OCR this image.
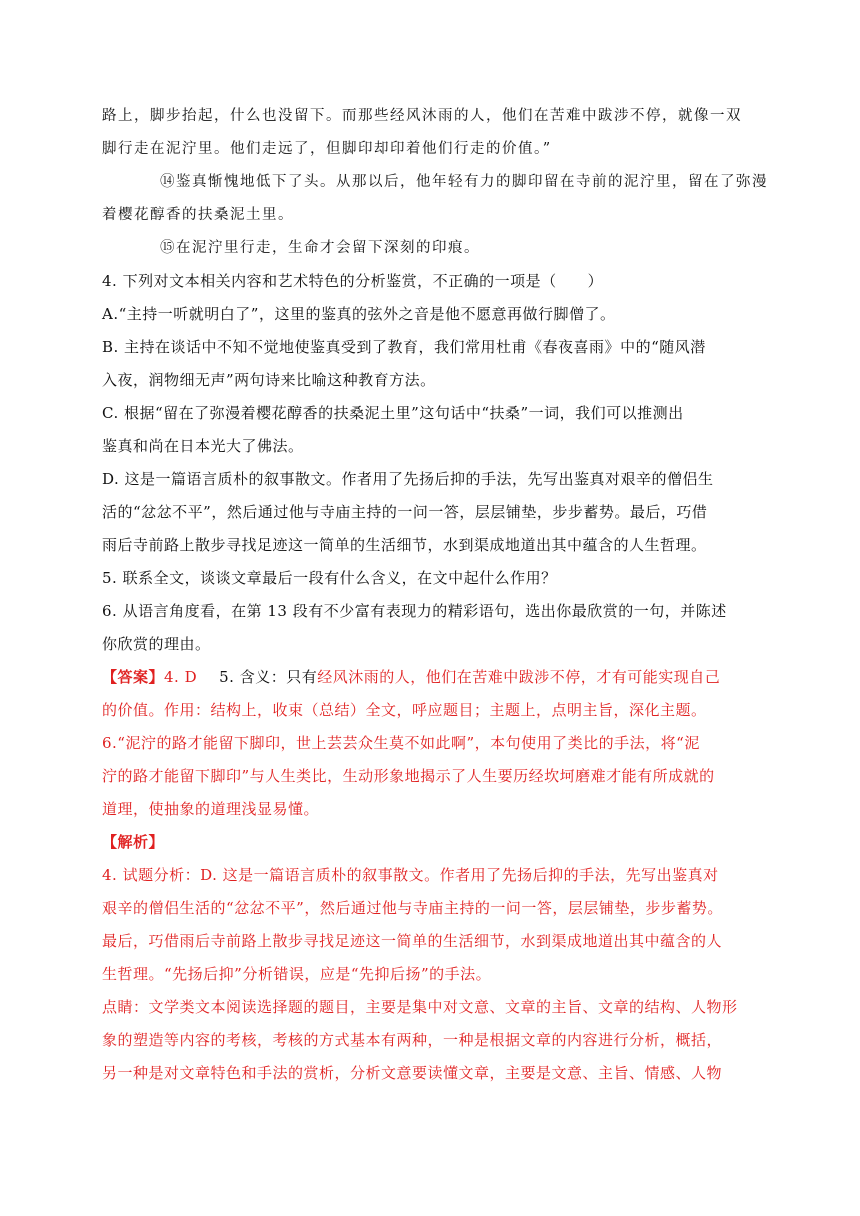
路上，脚步抬起，什么也没留下。而那些经风沐雨的人，他们在苦难中跋涉不停，就像一双
脚行走在泥泞里。他们走远了，但脚印却印着他们行走的价值。”
⑭鉴真惭愧地低下了头。从那以后，他年轻有力的脚印留在寺前的泥泞里，留在了弥漫
着樱花醇香的扶桑泥土里。
⑮在泥泞里行走，生命才会留下深刻的印痕。
4. 下列对文本相关内容和艺术特色的分析鉴赏，不正确的一项是（　　）
A.“主持一听就明白了”，这里的鉴真的弦外之音是他不愿意再做行脚僧了。
B. 主持在谈话中不知不觉地使鉴真受到了教育，我们常用杜甫《春夜喜雨》中的“随风潜
入夜，润物细无声”两句诗来比喻这种教育方法。
C. 根据“留在了弥漫着樱花醇香的扶桑泥土里”这句话中“扶桑”一词，我们可以推测出
鉴真和尚在日本光大了佛法。
D. 这是一篇语言质朴的叙事散文。作者用了先扬后抑的手法，先写出鉴真对艰辛的僧侣生
活的“忿忿不平”，然后通过他与寺庙主持的一问一答，层层铺垫，步步蓄势。最后，巧借
雨后寺前路上散步寻找足迹这一简单的生活细节，水到渠成地道出其中蕴含的人生哲理。
5. 联系全文，谈谈文章最后一段有什么含义，在文中起什么作用？
6. 从语言角度看，在第 13 段有不少富有表现力的精彩语句，选出你最欣赏的一句，并陈述
你欣赏的理由。
【答案】4. D 5. 含义：只有经风沐雨的人，他们在苦难中跋涉不停，才有可能实现自己
的价值。作用：结构上，收束（总结）全文，呼应题目；主题上，点明主旨，深化主题。
6.“泥泞的路才能留下脚印，世上芸芸众生莫不如此啊”，本句使用了类比的手法，将“泥
泞的路才能留下脚印”与人生类比，生动形象地揭示了人生要历经坎坷磨难才能有所成就的
道理，使抽象的道理浅显易懂。
【解析】
4. 试题分析：D. 这是一篇语言质朴的叙事散文。作者用了先扬后抑的手法，先写出鉴真对
艰辛的僧侣生活的“忿忿不平”，然后通过他与寺庙主持的一问一答，层层铺垫，步步蓄势。
最后，巧借雨后寺前路上散步寻找足迹这一简单的生活细节，水到渠成地道出其中蕴含的人
生哲理。“先扬后抑”分析错误，应是“先抑后扬”的手法。
点睛：文学类文本阅读选择题的题目，主要是集中对文意、文章的主旨、文章的结构、人物形
象的塑造等内容的考核，考核的方式基本有两种，一种是根据文章的内容进行分析，概括，
另一种是对文章特色和手法的赏析，分析文意要读懂文章，主要是文意、主旨、情感、人物
